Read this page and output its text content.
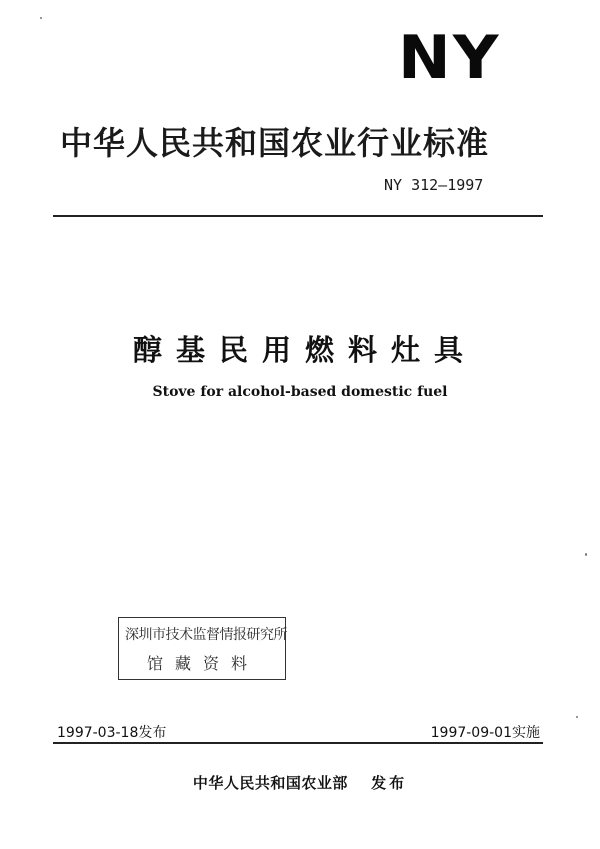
NY
中华人民共和国农业行业标准
NY 312—1997
醇基民用燃料灶具
Stove for alcohol-based domestic fuel
深圳市技术监督情报研究所
馆藏资料
1997-03-18发布	1997-09-01实施
中华人民共和国农业部 发布
